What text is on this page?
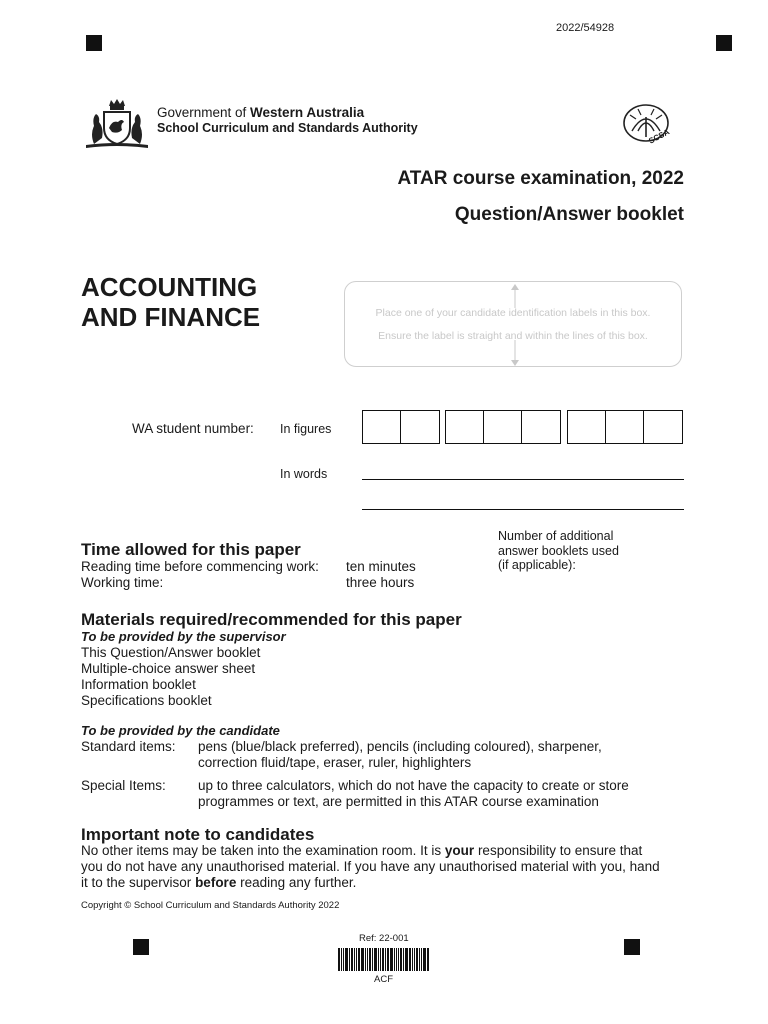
2022/54928
Government of Western Australia
School Curriculum and Standards Authority	SCSA
ATAR course examination, 2022
Question/Answer booklet
ACCOUNTING
AND FINANCE	Place one of your candidate identification labels in this box.
Ensure the label is straight and within the lines of this box.
WA student number: In figures
In words
Number of additional
answer booklets used
(if applicable):
Time allowed for this paper
Reading time before commencing work: ten minutes
Working time:	three hours
Materials required/recommended for this paper
To be provided by the supervisor
This Question/Answer booklet
Multiple-choice answer sheet
Information booklet
Specifications booklet
To be provided by the candidate
Standard items: pens (blue/black preferred), pencils (including coloured), sharpener,
correction fluid/tape, eraser, ruler, highlighters
Special Items: up to three calculators, which do not have the capacity to create or store
programmes or text, are permitted in this ATAR course examination
Important note to candidates
No other items may be taken into the examination room. It is your responsibility to ensure that
you do not have any unauthorised material. If you have any unauthorised material with you, hand
it to the supervisor before reading any further.
Copyright © School Curriculum and Standards Authority 2022
Ref: 22-001
ACF
